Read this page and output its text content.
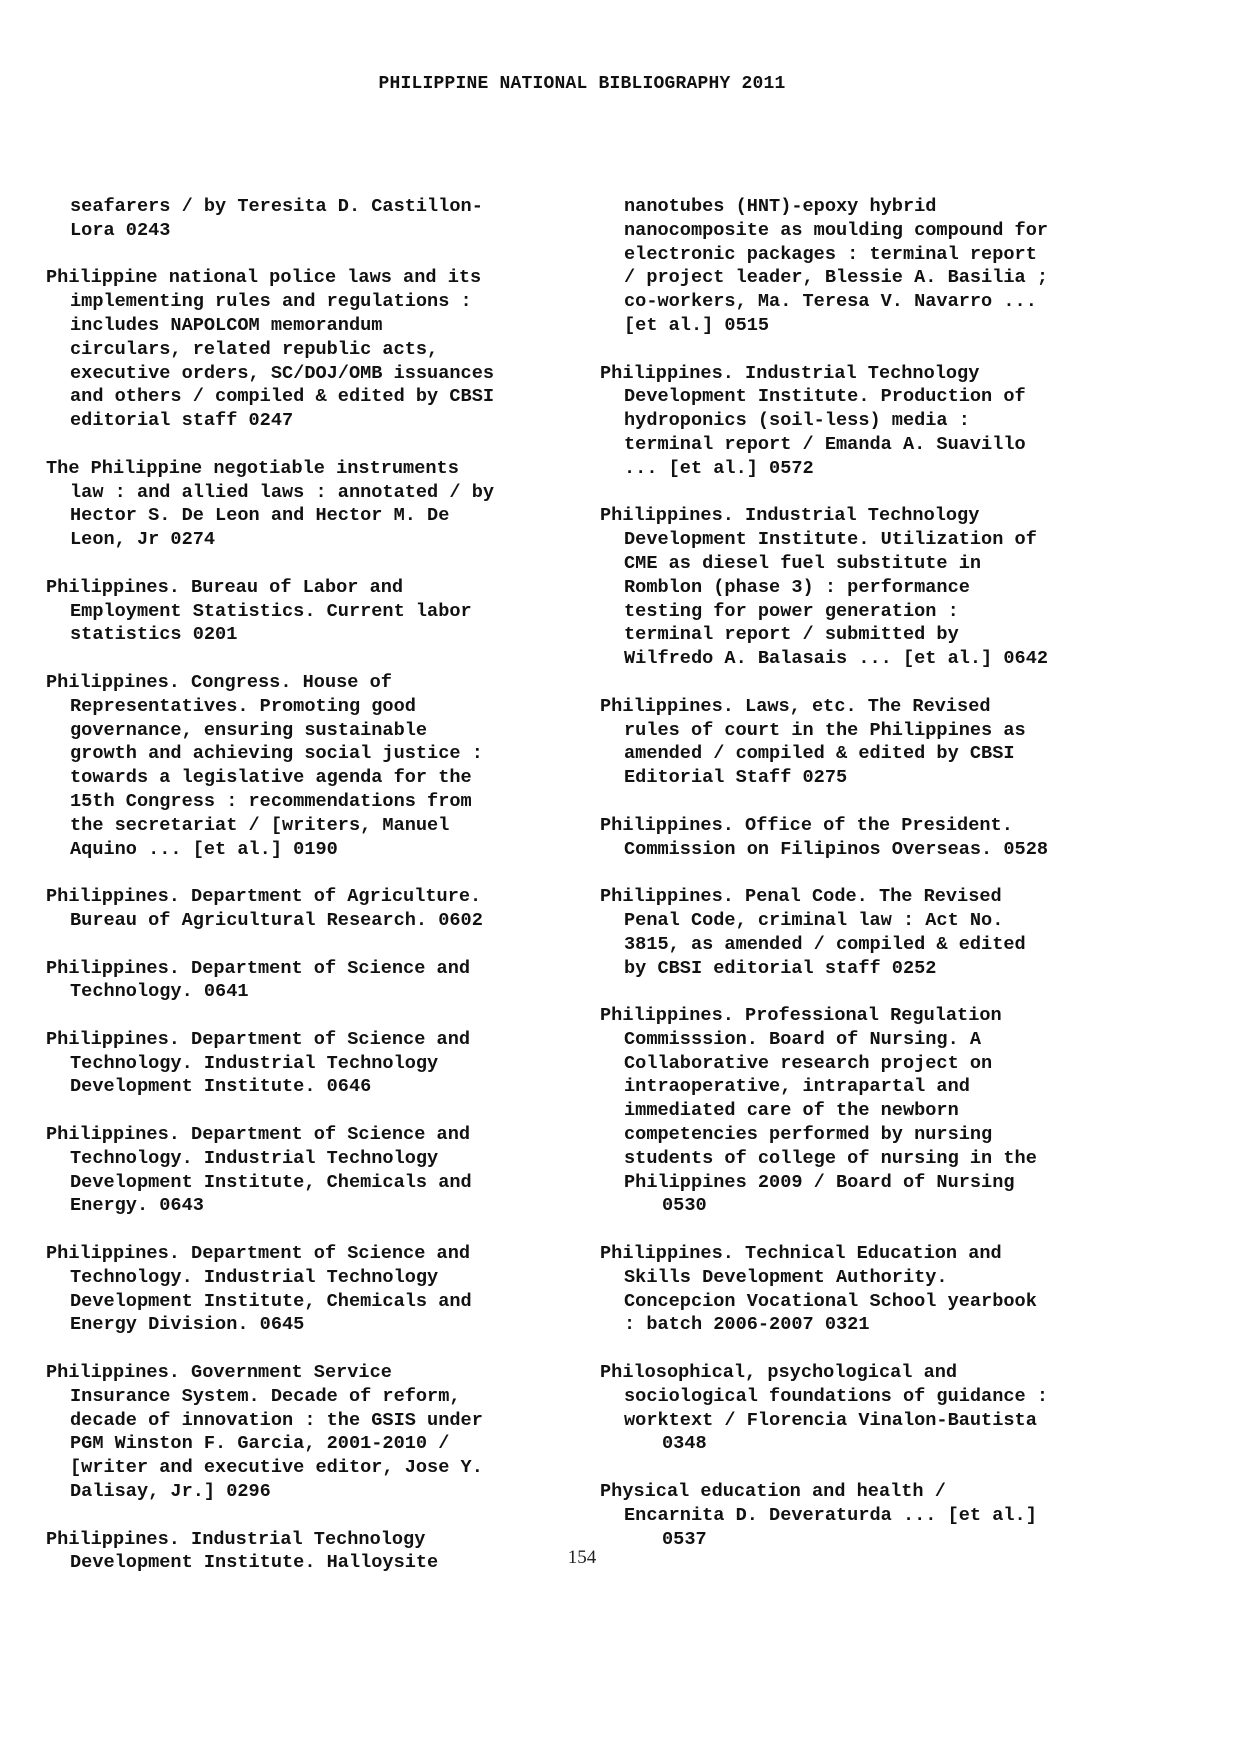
PHILIPPINE NATIONAL BIBLIOGRAPHY 2011
seafarers / by Teresita D. Castillon-
Lora 0243
Philippine national police laws and its
implementing rules and regulations :
includes NAPOLCOM memorandum
circulars, related republic acts,
executive orders, SC/DOJ/OMB issuances
and others / compiled & edited by CBSI
editorial staff 0247
The Philippine negotiable instruments
law : and allied laws : annotated / by
Hector S. De Leon and Hector M. De
Leon, Jr 0274
Philippines. Bureau of Labor and
Employment Statistics. Current labor
statistics 0201
Philippines. Congress. House of
Representatives. Promoting good
governance, ensuring sustainable
growth and achieving social justice :
towards a legislative agenda for the
15th Congress : recommendations from
the secretariat / [writers, Manuel
Aquino ... [et al.] 0190
Philippines. Department of Agriculture.
Bureau of Agricultural Research. 0602
Philippines. Department of Science and
Technology. 0641
Philippines. Department of Science and
Technology. Industrial Technology
Development Institute. 0646
Philippines. Department of Science and
Technology. Industrial Technology
Development Institute, Chemicals and
Energy. 0643
Philippines. Department of Science and
Technology. Industrial Technology
Development Institute, Chemicals and
Energy Division. 0645
Philippines. Government Service
Insurance System. Decade of reform,
decade of innovation : the GSIS under
PGM Winston F. Garcia, 2001-2010 /
[writer and executive editor, Jose Y.
Dalisay, Jr.] 0296
Philippines. Industrial Technology
Development Institute. Halloysite
nanotubes (HNT)-epoxy hybrid
nanocomposite as moulding compound for
electronic packages : terminal report
/ project leader, Blessie A. Basilia ;
co-workers, Ma. Teresa V. Navarro ...
[et al.] 0515
Philippines. Industrial Technology
Development Institute. Production of
hydroponics (soil-less) media :
terminal report / Emanda A. Suavillo
... [et al.] 0572
Philippines. Industrial Technology
Development Institute. Utilization of
CME as diesel fuel substitute in
Romblon (phase 3) : performance
testing for power generation :
terminal report / submitted by
Wilfredo A. Balasais ... [et al.] 0642
Philippines. Laws, etc. The Revised
rules of court in the Philippines as
amended / compiled & edited by CBSI
Editorial Staff 0275
Philippines. Office of the President.
Commission on Filipinos Overseas. 0528
Philippines. Penal Code. The Revised
Penal Code, criminal law : Act No.
3815, as amended / compiled & edited
by CBSI editorial staff 0252
Philippines. Professional Regulation
Commisssion. Board of Nursing. A
Collaborative research project on
intraoperative, intrapartal and
immediated care of the newborn
competencies performed by nursing
students of college of nursing in the
Philippines 2009 / Board of Nursing
0530
Philippines. Technical Education and
Skills Development Authority.
Concepcion Vocational School yearbook
: batch 2006-2007 0321
Philosophical, psychological and
sociological foundations of guidance :
worktext / Florencia Vinalon-Bautista
0348
Physical education and health /
Encarnita D. Deveraturda ... [et al.]
0537
154
